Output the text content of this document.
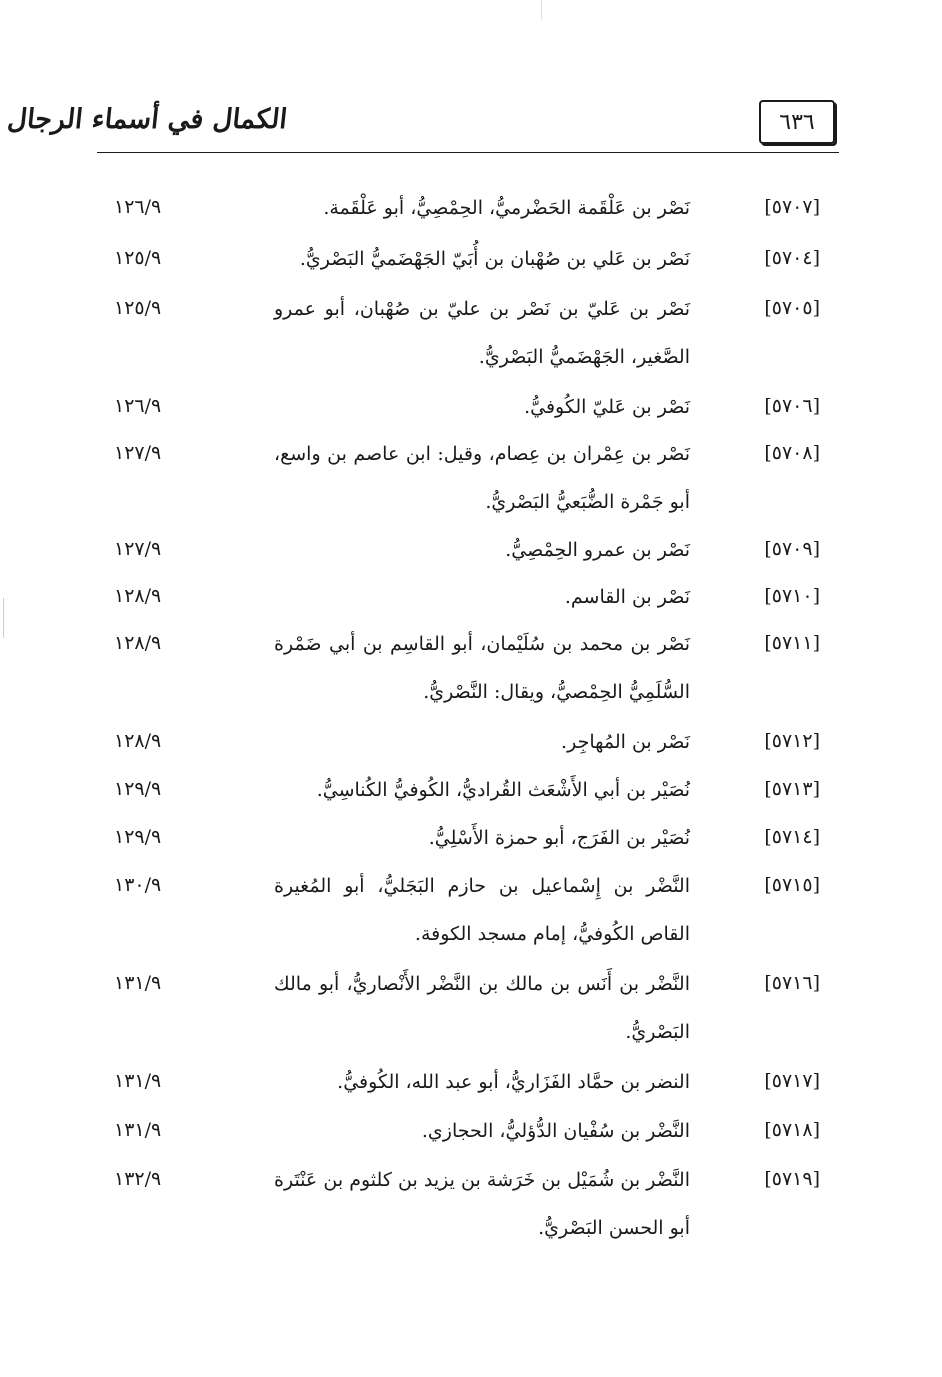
الكمال في أسماء الرجال	٦٣٦
[٥٧٠٧]
نَصْر بن عَلْقَمة الحَضْرميُّ، الحِمْصِيُّ، أبو عَلْقَمة.
١٢٦/٩
[٥٧٠٤]
نَصْر بن عَلي بن صُهْبان بن أُبَيّ الجَهْضَميُّ البَصْريُّ.
١٢٥/٩
[٥٧٠٥]
نَصْر بن عَليّ بن نَصْر بن عليّ بن صُهْبان، أبو عمرو الصَّغير، الجَهْضَميُّ البَصْريُّ.
١٢٥/٩
[٥٧٠٦]
نَصْر بن عَليّ الكُوفيُّ.
١٢٦/٩
[٥٧٠٨]
نَصْر بن عِمْران بن عِصام، وقيل: ابن عاصم بن واسع، أبو جَمْرة الضُّبَعيُّ البَصْريُّ.
١٢٧/٩
[٥٧٠٩]
نَصْر بن عمرو الحِمْصِيُّ.
١٢٧/٩
[٥٧١٠]
نَصْر بن القاسم.
١٢٨/٩
[٥٧١١]
نَصْر بن محمد بن سُلَيْمان، أبو القاسِم بن أبي ضَمْرة السُّلَمِيُّ الحِمْصيُّ، ويقال: النَّصْريُّ.
١٢٨/٩
[٥٧١٢]
نَصْر بن المُهاجِر.
١٢٨/٩
[٥٧١٣]
نُصَيْر بن أبي الأَشْعَث القُراديُّ، الكُوفيُّ الكُناسِيُّ.
١٢٩/٩
[٥٧١٤]
نُصَيْر بن الفَرَج، أبو حمزة الأَسْلِيُّ.
١٢٩/٩
[٥٧١٥]
النَّضْر بن إِسْماعيل بن حازم البَجَليُّ، أبو المُغيرة القاص الكُوفيُّ، إمام مسجد الكوفة.
١٣٠/٩
[٥٧١٦]
النَّضْر بن أَنَس بن مالك بن النَّضْر الأَنْصاريُّ، أبو مالك البَصْريُّ.
١٣١/٩
[٥٧١٧]
النضر بن حمَّاد الفَزَاريُّ، أبو عبد الله، الكُوفيُّ.
١٣١/٩
[٥٧١٨]
النَّضْر بن سُفْيان الدُّؤليُّ، الحجازي.
١٣١/٩
[٥٧١٩]
النَّضْر بن شُمَيْل بن خَرَشة بن يزيد بن كلثوم بن عَنْتَرة أبو الحسن البَصْريُّ.
١٣٢/٩
